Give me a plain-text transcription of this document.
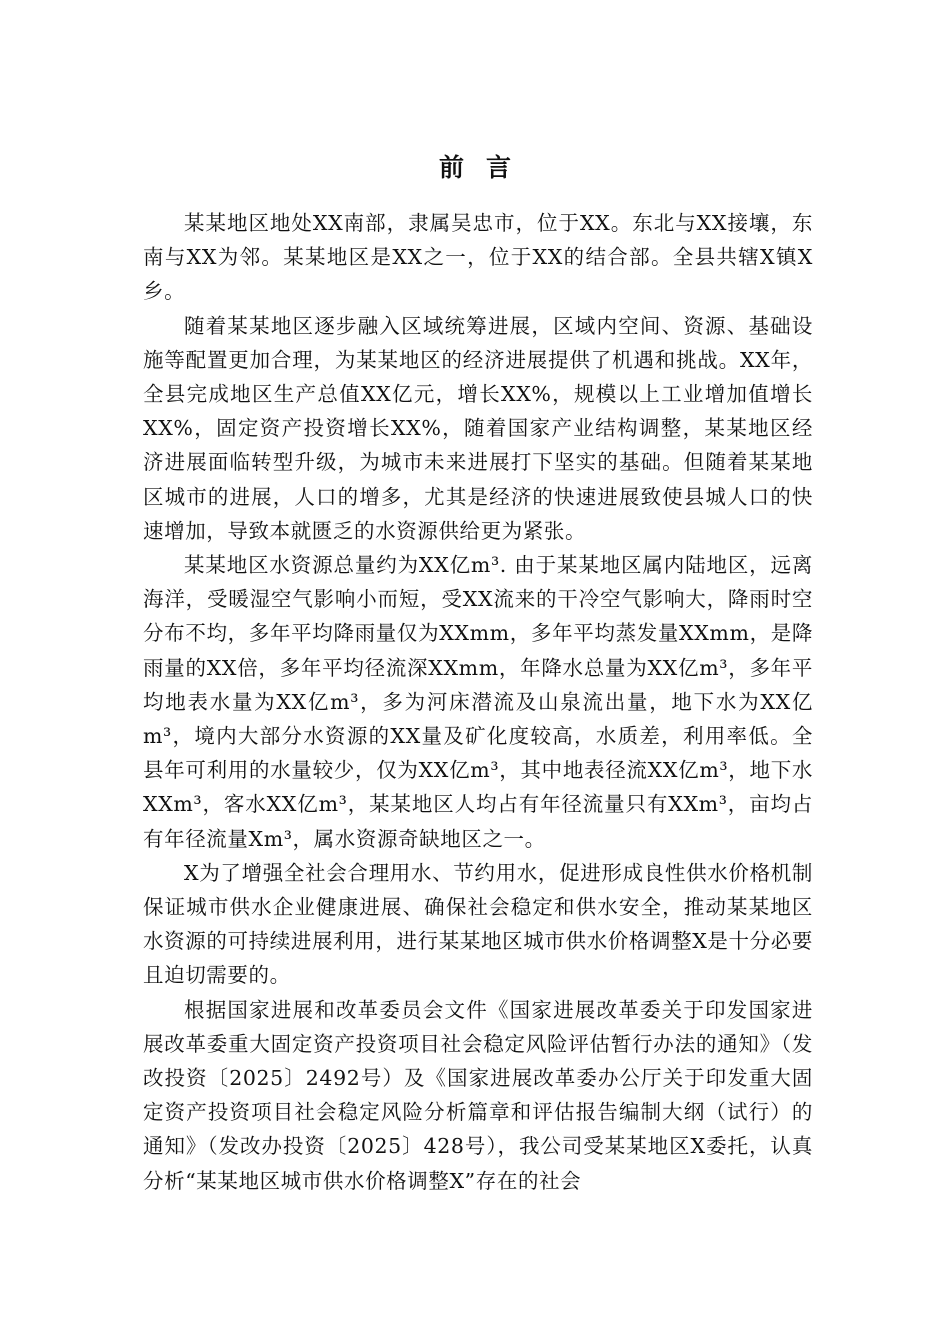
前言

某某地区地处XX南部，隶属吴忠市，位于XX。东北与XX接壤，东南与XX为邻。某某地区是XX之一，位于XX的结合部。全县共辖X镇X乡。

随着某某地区逐步融入区域统筹进展，区域内空间、资源、基础设施等配置更加合理，为某某地区的经济进展提供了机遇和挑战。XX年，全县完成地区生产总值XX亿元，增长XX%，规模以上工业增加值增长XX%，固定资产投资增长XX%，随着国家产业结构调整，某某地区经济进展面临转型升级，为城市未来进展打下坚实的基础。但随着某某地区城市的进展，人口的增多，尤其是经济的快速进展致使县城人口的快速增加，导致本就匮乏的水资源供给更为紧张。

某某地区水资源总量约为XX亿m³. 由于某某地区属内陆地区，远离海洋，受暖湿空气影响小而短，受XX流来的干冷空气影响大，降雨时空分布不均，多年平均降雨量仅为XXmm，多年平均蒸发量XXmm，是降雨量的XX倍，多年平均径流深XXmm，年降水总量为XX亿m³，多年平均地表水量为XX亿m³，多为河床潜流及山泉流出量，地下水为XX亿m³，境内大部分水资源的XX量及矿化度较高，水质差，利用率低。全县年可利用的水量较少，仅为XX亿m³，其中地表径流XX亿m³，地下水XXm³，客水XX亿m³，某某地区人均占有年径流量只有XXm³，亩均占有年径流量Xm³，属水资源奇缺地区之一。

X为了增强全社会合理用水、节约用水，促进形成良性供水价格机制保证城市供水企业健康进展、确保社会稳定和供水安全，推动某某地区水资源的可持续进展利用，进行某某地区城市供水价格调整X是十分必要且迫切需要的。

根据国家进展和改革委员会文件《国家进展改革委关于印发国家进展改革委重大固定资产投资项目社会稳定风险评估暂行办法的通知》（发改投资〔2025〕2492号）及《国家进展改革委办公厅关于印发重大固定资产投资项目社会稳定风险分析篇章和评估报告编制大纲（试行）的通知》（发改办投资〔2025〕428号），我公司受某某地区X委托，认真分析“某某地区城市供水价格调整X”存在的社会
